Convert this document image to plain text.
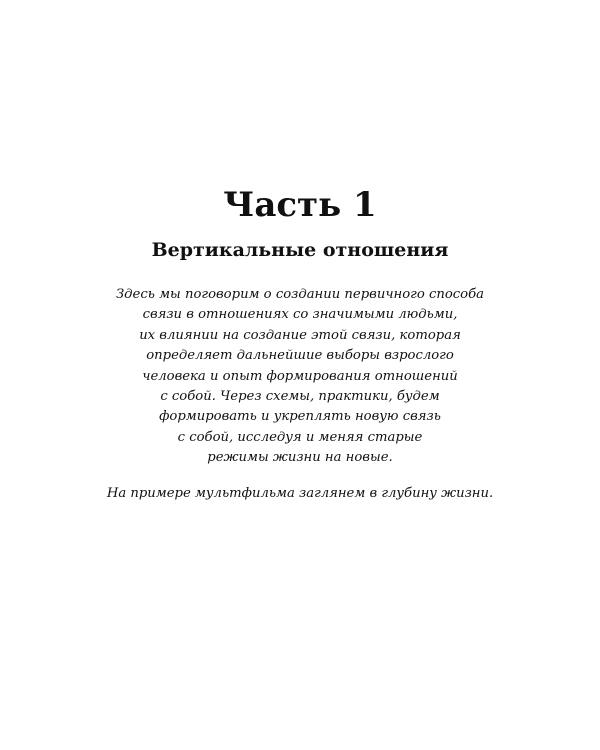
Часть 1
Вертикальные отношения

Здесь мы поговорим о создании первичного способа
связи в отношениях со значимыми людьми,
их влиянии на создание этой связи, которая
определяет дальнейшие выборы взрослого
человека и опыт формирования отношений
с собой. Через схемы, практики, будем
формировать и укреплять новую связь
с собой, исследуя и меняя старые
режимы жизни на новые.

На примере мультфильма заглянем в глубину жизни.
